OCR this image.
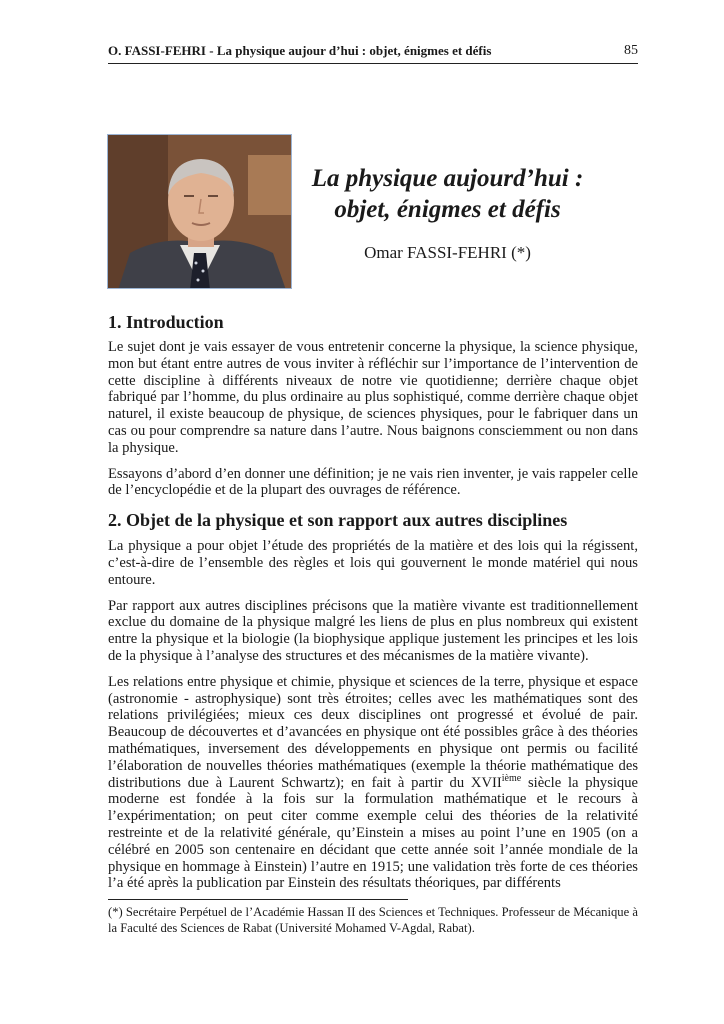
O. FASSI-FEHRI - La physique aujour d’hui : objet, énigmes et défis	85
La physique aujourd’hui :
objet, énigmes et défis
Omar FASSI-FEHRI (*)
1. Introduction

Le sujet dont je vais essayer de vous entretenir concerne la physique, la science physique, mon but étant entre autres de vous inviter à réfléchir sur l’importance de l’intervention de cette discipline à différents niveaux de notre vie quotidienne; derrière chaque objet fabriqué par l’homme, du plus ordinaire au plus sophistiqué, comme derrière chaque objet naturel, il existe beaucoup de physique, de sciences physiques, pour le fabriquer dans un cas ou pour comprendre sa nature dans l’autre. Nous baignons consciemment ou non dans la physique.

Essayons d’abord d’en donner une définition; je ne vais rien inventer, je vais rappeler celle de l’encyclopédie et de la plupart des ouvrages de référence.

2. Objet de la physique et son rapport aux autres disciplines

La physique a pour objet l’étude des propriétés de la matière et des lois qui la régissent, c’est-à-dire de l’ensemble des règles et lois qui gouvernent le monde matériel qui nous entoure.

Par rapport aux autres disciplines précisons que la matière vivante est traditionnellement exclue du domaine de la physique malgré les liens de plus en plus nombreux qui existent entre la physique et la biologie (la biophysique applique justement les principes et les lois de la physique à l’analyse des structures et des mécanismes de la matière vivante).

Les relations entre physique et chimie, physique et sciences de la terre, physique et espace (astronomie - astrophysique) sont très étroites; celles avec les mathématiques sont des relations privilégiées; mieux ces deux disciplines ont progressé et évolué de pair. Beaucoup de découvertes et d’avancées en physique ont été possibles grâce à des théories mathématiques, inversement des développements en physique ont permis ou facilité l’élaboration de nouvelles théories mathématiques (exemple la théorie mathématique des distributions due à Laurent Schwartz); en fait à partir du XVIIième siècle la physique moderne est fondée à la fois sur la formulation mathématique et le recours à l’expérimentation; on peut citer comme exemple celui des théories de la relativité restreinte et de la relativité générale, qu’Einstein a mises au point l’une en 1905 (on a célébré en 2005 son centenaire en décidant que cette année soit l’année mondiale de la physique en hommage à Einstein) l’autre en 1915; une validation très forte de ces théories l’a été après la publication par Einstein des résultats théoriques, par différents

(*) Secrétaire Perpétuel de l’Académie Hassan II des Sciences et Techniques. Professeur de Mécanique à la Faculté des Sciences de Rabat (Université Mohamed V-Agdal, Rabat).
